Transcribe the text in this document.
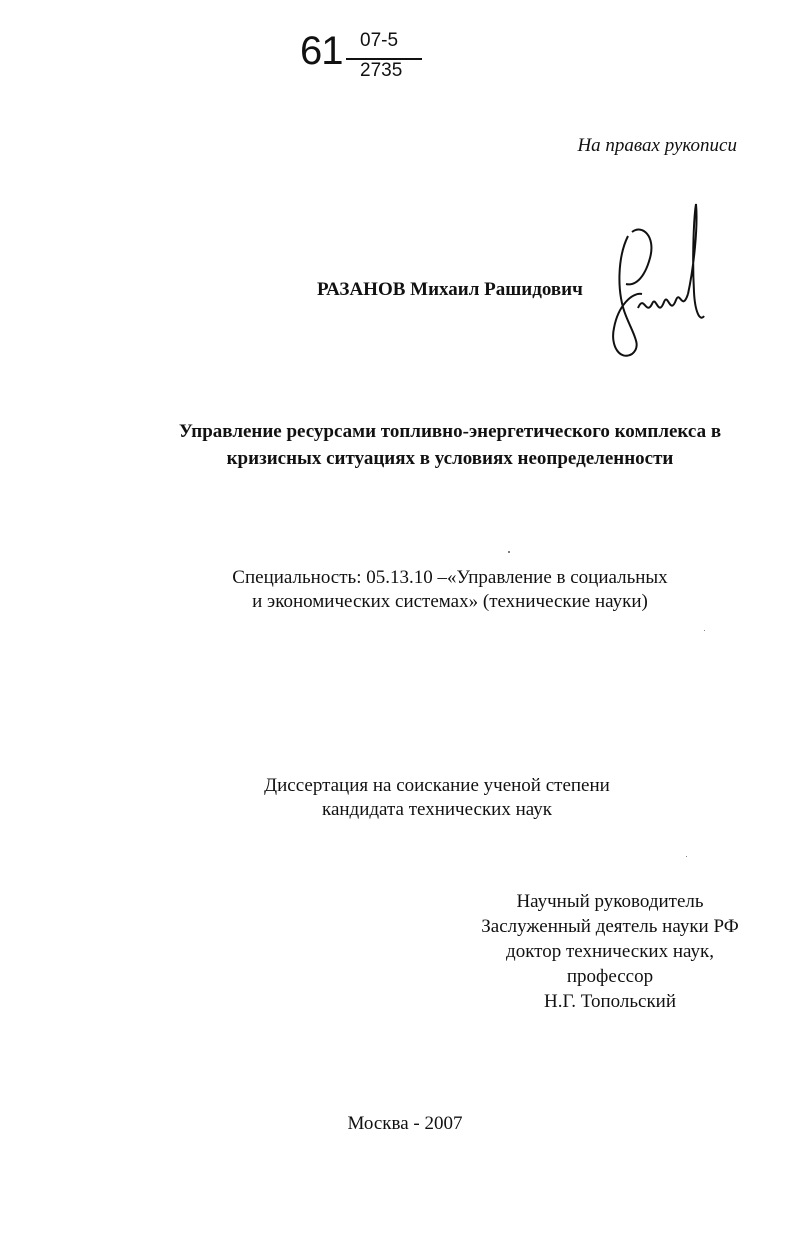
61 07-5
2735
На правах рукописи
РАЗАНОВ Михаил Рашидович
Управление ресурсами топливно-энергетического комплекса в
кризисных ситуациях в условиях неопределенности
Специальность: 05.13.10 –«Управление в социальных
и экономических системах» (технические науки)
Диссертация на соискание ученой степени
кандидата технических наук
Научный руководитель
Заслуженный деятель науки РФ
доктор технических наук,
профессор
Н.Г. Топольский
Москва - 2007
